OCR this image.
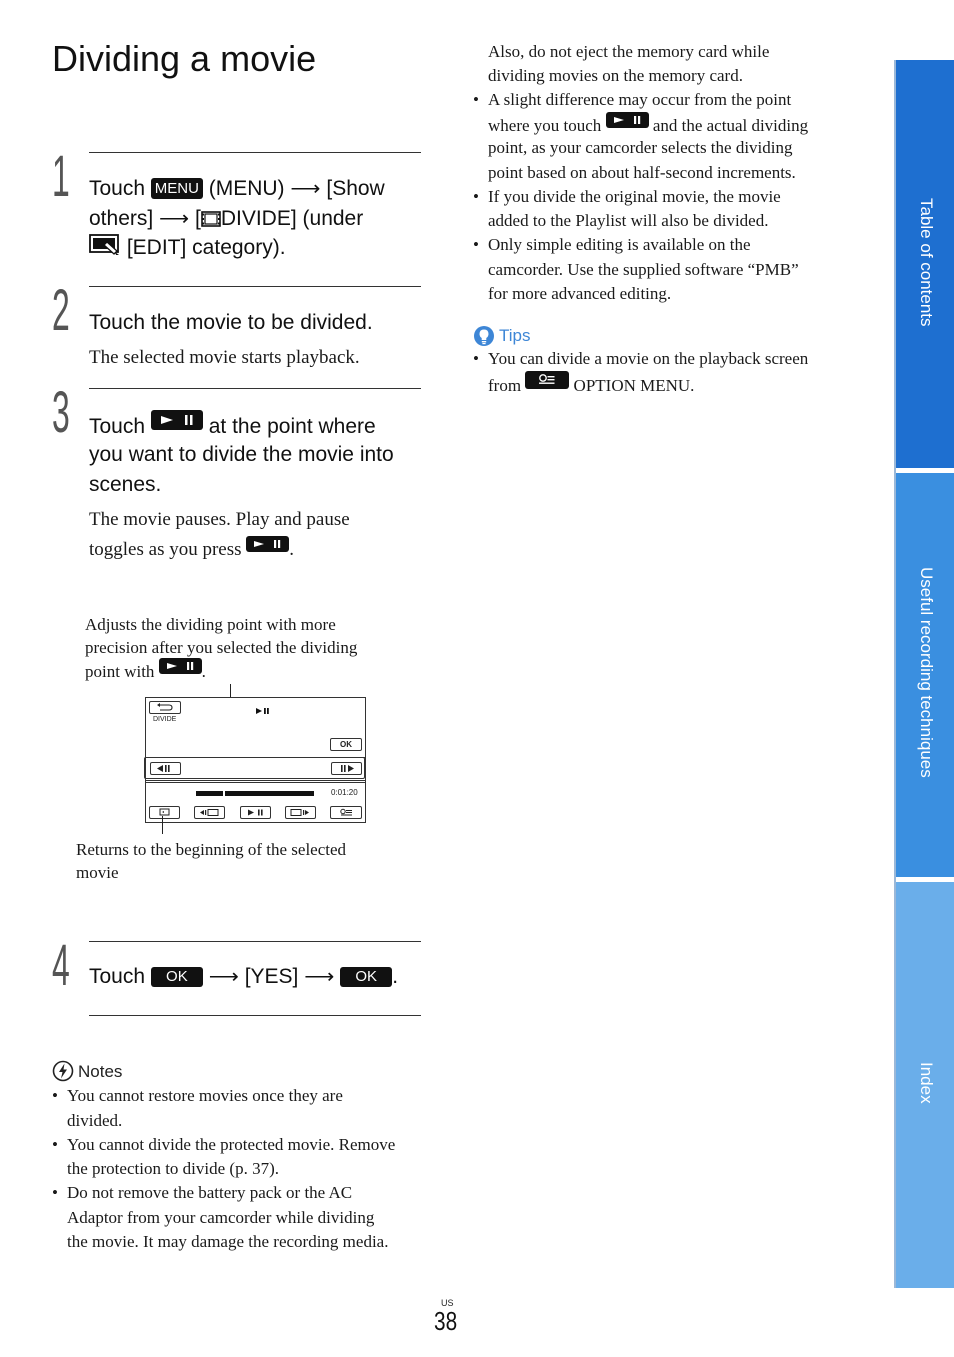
Dividing a movie
1 Touch MENU (MENU) ⟶ [Show
others] ⟶ [ DIVIDE] (under
[EDIT] category).
2 Touch the movie to be divided.
The selected movie starts playback.
3 Touch	at the point where
you want to divide the movie into
scenes.
The movie pauses. Play and pause
toggles as you press	.
Adjusts the dividing point with more
precision after you selected the dividing
point with	.
DIVIDE
OK
0:01:20
Returns to the beginning of the selected
movie
4 Touch OK ⟶ [YES] ⟶ OK .
Notes
• You cannot restore movies once they are
divided.
• You cannot divide the protected movie. Remove
the protection to divide (p. 37).
• Do not remove the battery pack or the AC
Adaptor from your camcorder while dividing
the movie. It may damage the recording media.
Also, do not eject the memory card while
dividing movies on the memory card.
• A slight difference may occur from the point
where you touch	and the actual dividing
point, as your camcorder selects the dividing
point based on about half-second increments.
• If you divide the original movie, the movie
added to the Playlist will also be divided.
• Only simple editing is available on the
camcorder. Use the supplied software “PMB”
for more advanced editing.
Tips
• You can divide a movie on the playback screen
from	OPTION MENU.
Table of contents
Useful recording techniques
Index
US
38
